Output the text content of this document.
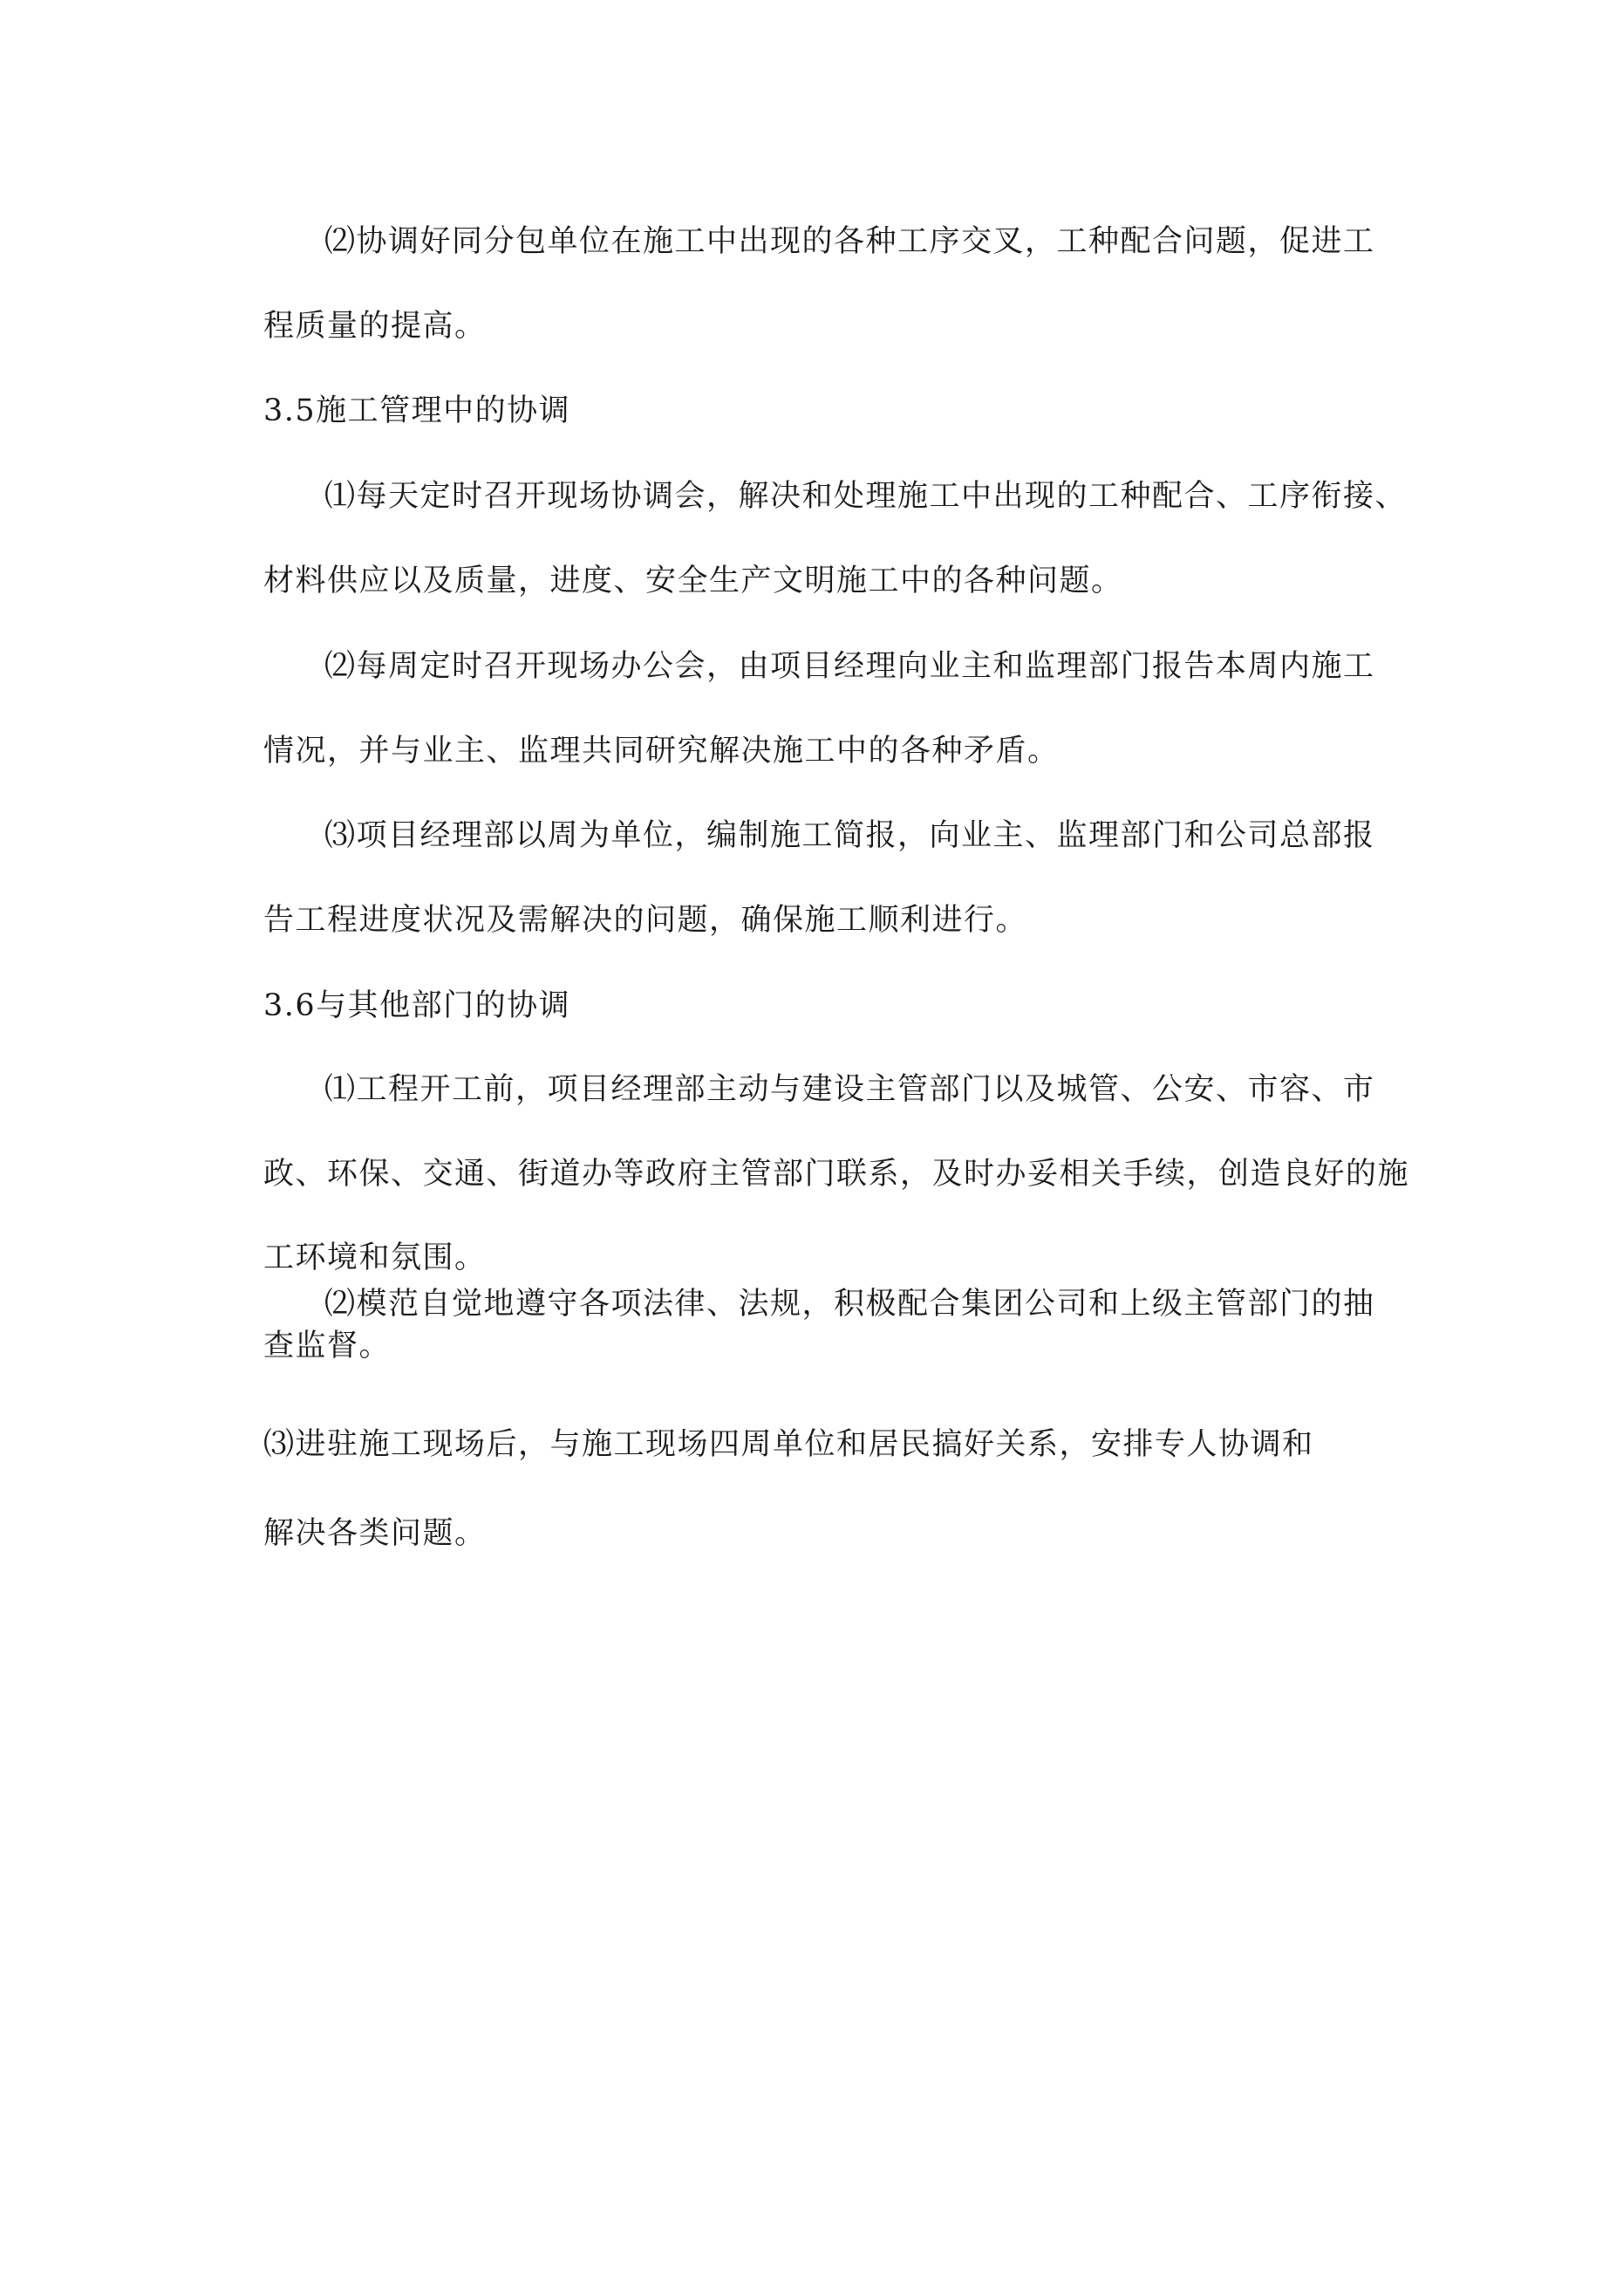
⑵协调好同分包单位在施工中出现的各种工序交叉，工种配合问题，促进工

程质量的提高。

3.5施工管理中的协调

⑴每天定时召开现场协调会，解决和处理施工中出现的工种配合、工序衔接、

材料供应以及质量，进度、安全生产文明施工中的各种问题。

⑵每周定时召开现场办公会，由项目经理向业主和监理部门报告本周内施工

情况，并与业主、监理共同研究解决施工中的各种矛盾。

⑶项目经理部以周为单位，编制施工简报，向业主、监理部门和公司总部报

告工程进度状况及需解决的问题，确保施工顺利进行。

3.6与其他部门的协调

⑴工程开工前，项目经理部主动与建设主管部门以及城管、公安、市容、市

政、环保、交通、街道办等政府主管部门联系，及时办妥相关手续，创造良好的施

工环境和氛围。

⑵模范自觉地遵守各项法律、法规，积极配合集团公司和上级主管部门的抽

查监督。

⑶进驻施工现场后，与施工现场四周单位和居民搞好关系，安排专人协调和

解决各类问题。
